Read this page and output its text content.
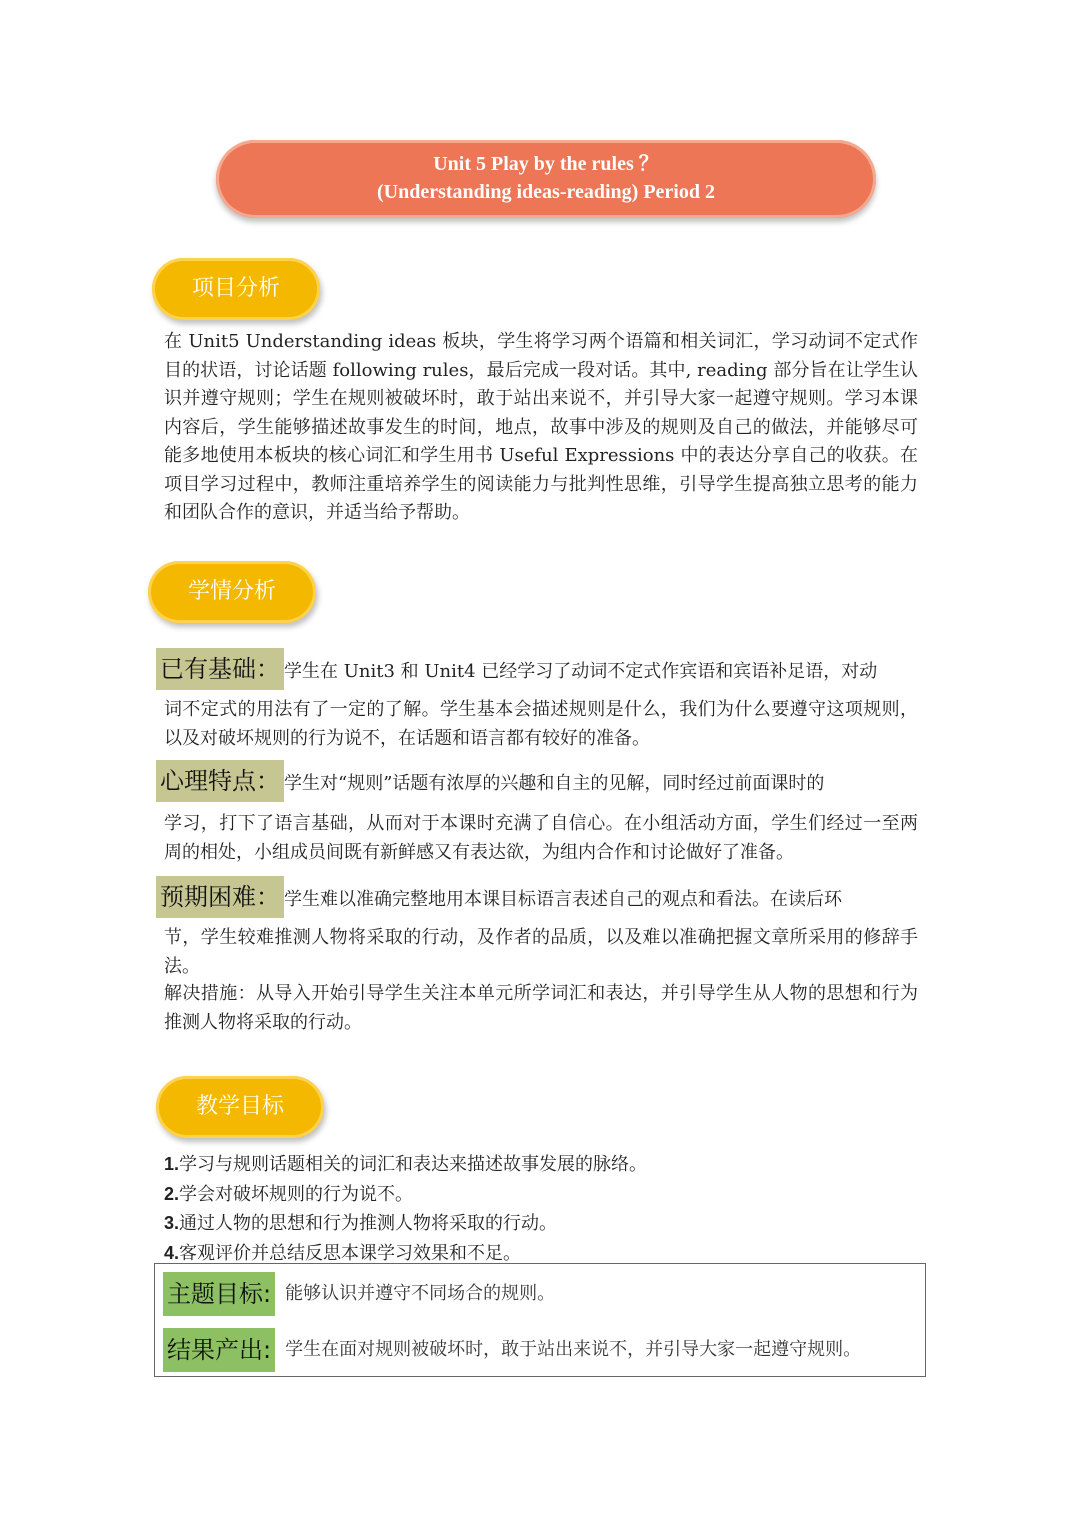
Unit 5 Play by the rules ？
(Understanding ideas-reading) Period 2
项目分析

在 Unit5 Understanding ideas 板块，学生将学习两个语篇和相关词汇，学习动词不定式作目的状语，讨论话题 following rules，最后完成一段对话。其中, reading 部分旨在让学生认识并遵守规则；学生在规则被破坏时，敢于站出来说不，并引导大家一起遵守规则。学习本课内容后，学生能够描述故事发生的时间，地点，故事中涉及的规则及自己的做法，并能够尽可能多地使用本板块的核心词汇和学生用书 Useful Expressions 中的表达分享自己的收获。在项目学习过程中，教师注重培养学生的阅读能力与批判性思维，引导学生提高独立思考的能力和团队合作的意识，并适当给予帮助。

学情分析
已有基础： 学生在 Unit3 和 Unit4 已经学习了动词不定式作宾语和宾语补足语，对动

词不定式的用法有了一定的了解。学生基本会描述规则是什么，我们为什么要遵守这项规则，以及对破坏规则的行为说不，在话题和语言都有较好的准备。

心理特点： 学生对“规则”话题有浓厚的兴趣和自主的见解，同时经过前面课时的

学习，打下了语言基础，从而对于本课时充满了自信心。在小组活动方面，学生们经过一至两周的相处，小组成员间既有新鲜感又有表达欲，为组内合作和讨论做好了准备。

预期困难： 学生难以准确完整地用本课目标语言表述自己的观点和看法。在读后环

节，学生较难推测人物将采取的行动，及作者的品质，以及难以准确把握文章所采用的修辞手法。

解决措施：从导入开始引导学生关注本单元所学词汇和表达，并引导学生从人物的思想和行为推测人物将采取的行动。

教学目标
1.学习与规则话题相关的词汇和表达来描述故事发展的脉络。
2.学会对破坏规则的行为说不。
3.通过人物的思想和行为推测人物将采取的行动。
4.客观评价并总结反思本课学习效果和不足。
主题目标: 能够认识并遵守不同场合的规则。
结果产出: 学生在面对规则被破坏时，敢于站出来说不，并引导大家一起遵守规则。
